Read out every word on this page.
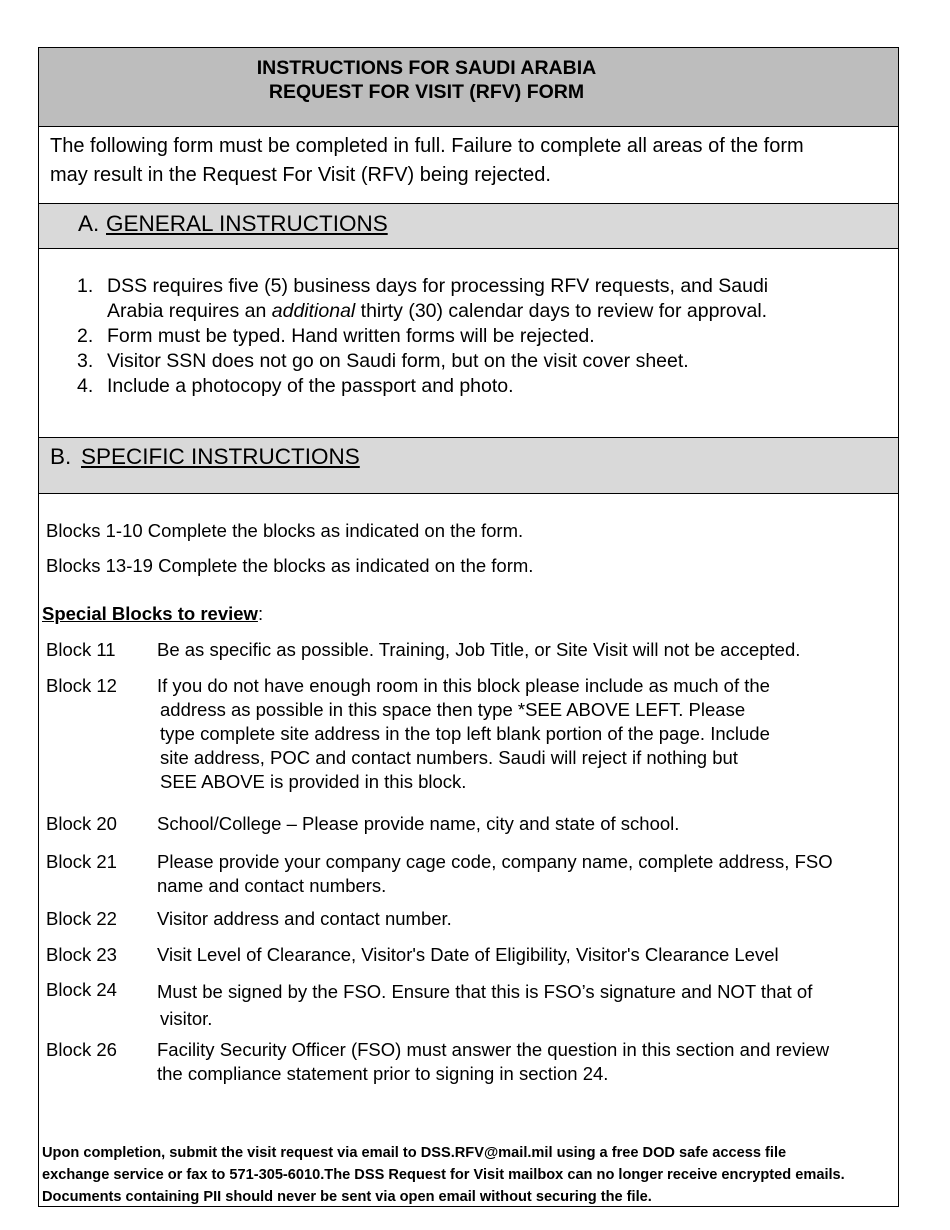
INSTRUCTIONS FOR SAUDI ARABIA
REQUEST FOR VISIT (RFV) FORM
The following form must be completed in full. Failure to complete all areas of the form
may result in the Request For Visit (RFV) being rejected.
A. GENERAL INSTRUCTIONS
1. DSS requires five (5) business days for processing RFV requests, and Saudi
Arabia requires an additional thirty (30) calendar days to review for approval.
2. Form must be typed. Hand written forms will be rejected.
3. Visitor SSN does not go on Saudi form, but on the visit cover sheet.
4. Include a photocopy of the passport and photo.
B. SPECIFIC INSTRUCTIONS
Blocks 1-10 Complete the blocks as indicated on the form.
Blocks 13-19 Complete the blocks as indicated on the form.
Special Blocks to review:
Block 11 Be as specific as possible. Training, Job Title, or Site Visit will not be accepted.
Block 12 If you do not have enough room in this block please include as much of the
address as possible in this space then type *SEE ABOVE LEFT. Please
type complete site address in the top left blank portion of the page. Include
site address, POC and contact numbers. Saudi will reject if nothing but
SEE ABOVE is provided in this block.
Block 20 School/College – Please provide name, city and state of school.
Block 21 Please provide your company cage code, company name, complete address, FSO
name and contact numbers.
Block 22 Visitor address and contact number.
Block 23 Visit Level of Clearance, Visitor's Date of Eligibility, Visitor's Clearance Level
Block 24 Must be signed by the FSO. Ensure that this is FSO’s signature and NOT that of
visitor.
Block 26 Facility Security Officer (FSO) must answer the question in this section and review
the compliance statement prior to signing in section 24.
Upon completion, submit the visit request via email to DSS.RFV@mail.mil using a free DOD safe access file
exchange service or fax to 571-305-6010.The DSS Request for Visit mailbox can no longer receive encrypted emails.
Documents containing PII should never be sent via open email without securing the file.
